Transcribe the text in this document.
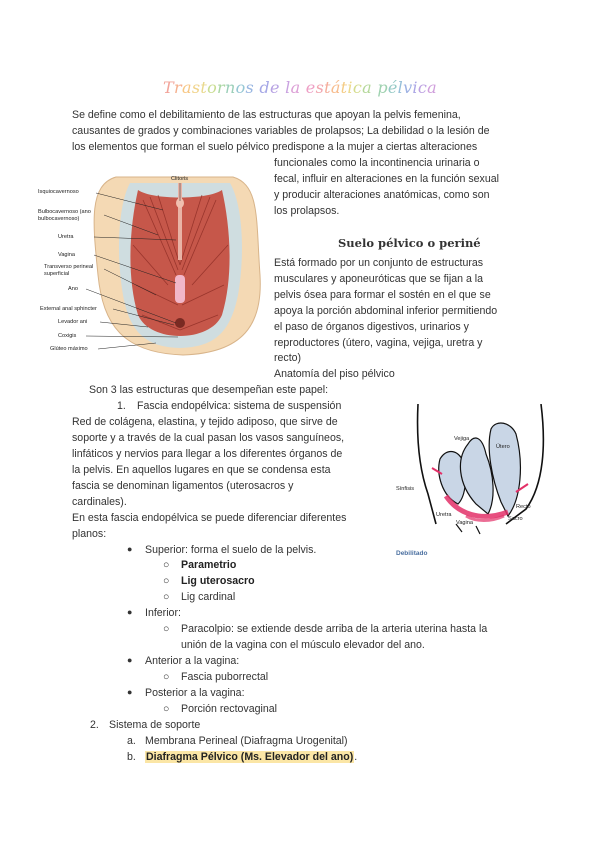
Trastornos de la estática pélvica
Se define como el debilitamiento de las estructuras que apoyan la pelvis femenina,
causantes de grados y combinaciones variables de prolapsos; La debilidad o la lesión de
los elementos que forman el suelo pélvico predispone a la mujer a ciertas alteraciones
funcionales como la incontinencia urinaria o
fecal, influir en alteraciones en la función sexual
y producir alteraciones anatómicas, como son
los prolapsos.
Clitoris
Isquiocavernoso
Bulbocavernoso (ano
bulbocavernoso)
Uretra
Vagina
Transverso perineal
superficial
Ano
External anal sphincter
Levador ani
Coxigis
Glúteo máximo
Suelo pélvico o periné
Está formado por un conjunto de estructuras
musculares y aponeuróticas que se fijan a la
pelvis ósea para formar el sostén en el que se
apoya la porción abdominal inferior permitiendo
el paso de órganos digestivos, urinarios y
reproductores (útero, vagina, vejiga, uretra y
recto)
Anatomía del piso pélvico
Son 3 las estructuras que desempeñan este papel:
1. Fascia endopélvica: sistema de suspensión
Red de colágena, elastina, y tejido adiposo, que sirve de
soporte y a través de la cual pasan los vasos sanguíneos,
linfáticos y nervios para llegar a los diferentes órganos de
la pelvis. En aquellos lugares en que se condensa esta
fascia se denominan ligamentos (uterosacros y
cardinales).
En esta fascia endopélvica se puede diferenciar diferentes
planos:
Vejiga
Útero
Recto
Sínfisis
Uretra
Vagina
Sacro
Debilitado
● Superior: forma el suelo de la pelvis.
○ Parametrio
○ Lig uterosacro
○ Lig cardinal
● Inferior:
○ Paracolpio: se extiende desde arriba de la arteria uterina hasta la
unión de la vagina con el músculo elevador del ano.
● Anterior a la vagina:
○ Fascia puborrectal
● Posterior a la vagina:
○ Porción rectovaginal
2. Sistema de soporte
a. Membrana Perineal (Diafragma Urogenital)
b. Diafragma Pélvico (Ms. Elevador del ano).
